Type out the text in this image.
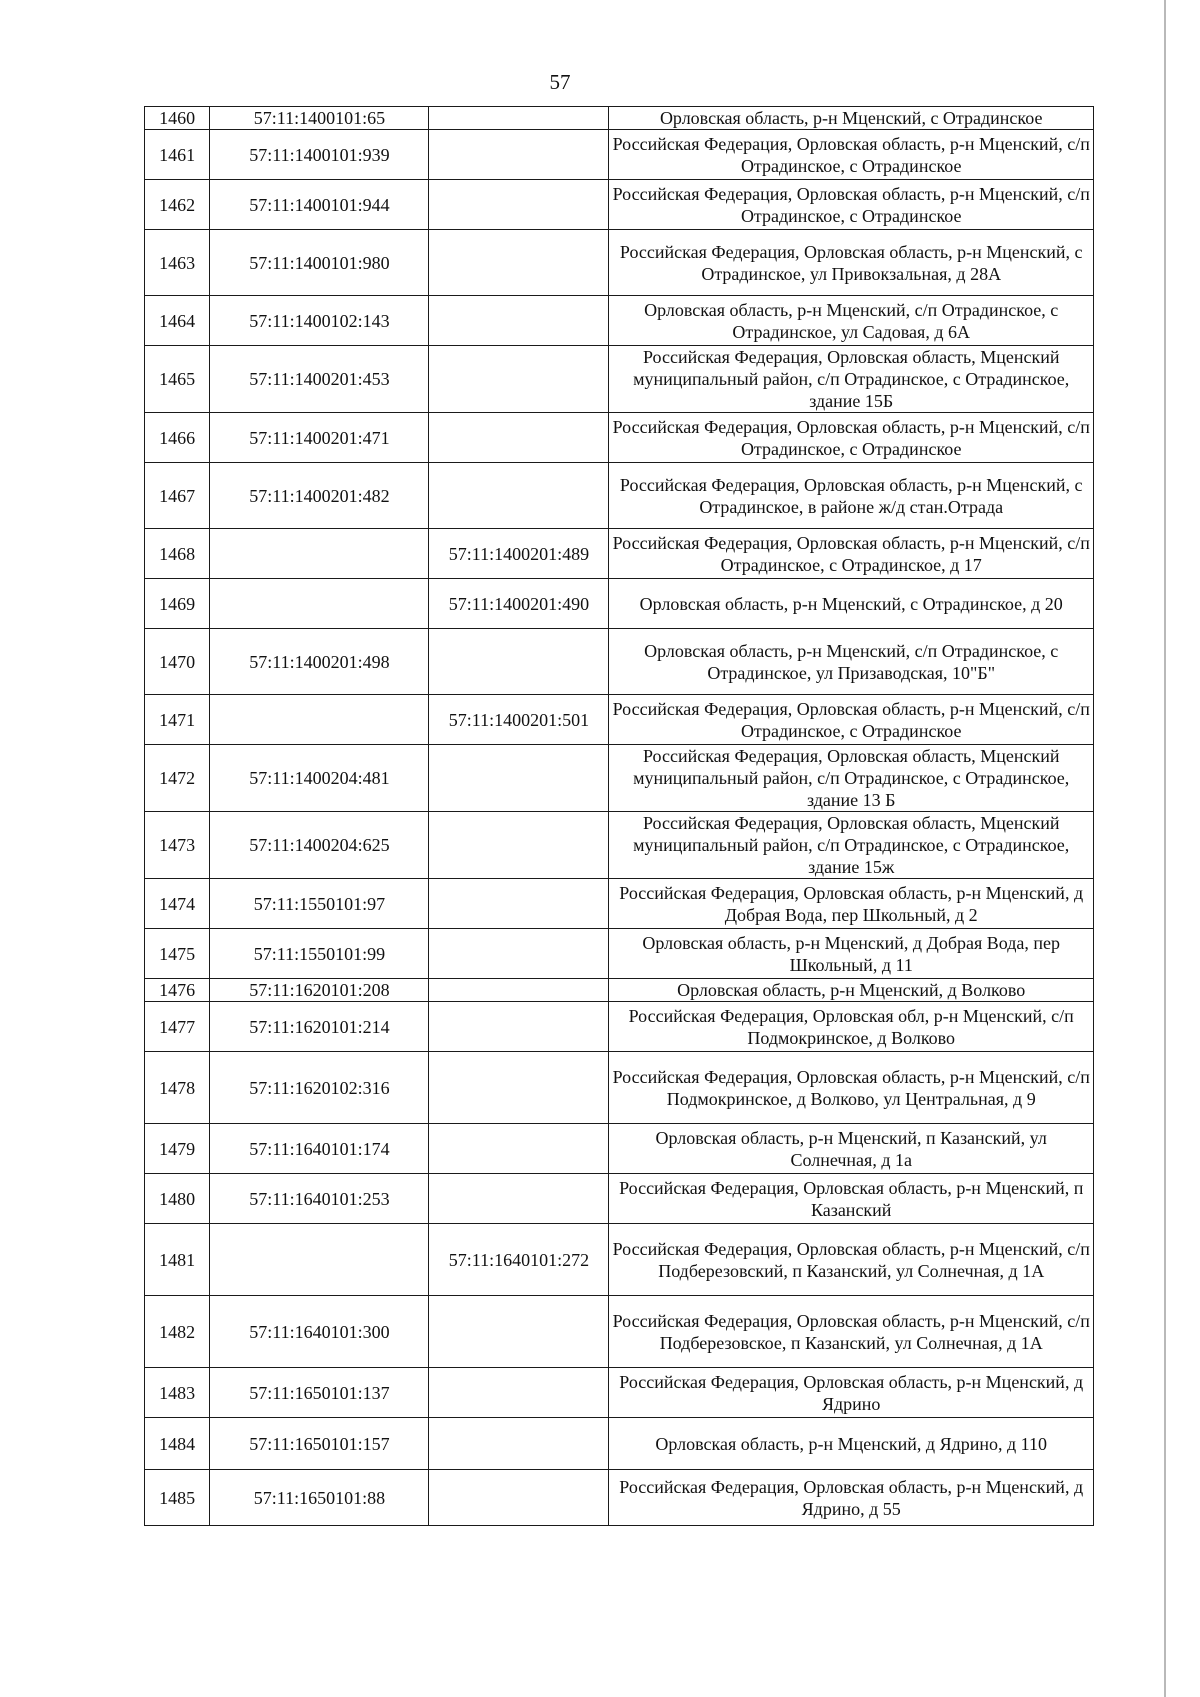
57
1460	57:11:1400101:65		Орловская область, р-н Мценский, с Отрадинское
1461	57:11:1400101:939		Российская Федерация, Орловская область, р-н Мценский, с/п Отрадинское, с Отрадинское
1462	57:11:1400101:944		Российская Федерация, Орловская область, р-н Мценский, с/п Отрадинское, с Отрадинское
1463	57:11:1400101:980		Российская Федерация, Орловская область, р-н Мценский, с Отрадинское, ул Привокзальная, д 28А
1464	57:11:1400102:143		Орловская область, р-н Мценский, с/п Отрадинское, с Отрадинское, ул Садовая, д 6А
1465	57:11:1400201:453		Российская Федерация, Орловская область, Мценский муниципальный район, с/п Отрадинское, с Отрадинское, здание 15Б
1466	57:11:1400201:471		Российская Федерация, Орловская область, р-н Мценский, с/п Отрадинское, с Отрадинское
1467	57:11:1400201:482		Российская Федерация, Орловская область, р-н Мценский, с Отрадинское, в районе ж/д стан.Отрада
1468		57:11:1400201:489	Российская Федерация, Орловская область, р-н Мценский, с/п Отрадинское, с Отрадинское, д 17
1469		57:11:1400201:490	Орловская область, р-н Мценский, с Отрадинское, д 20
1470	57:11:1400201:498		Орловская область, р-н Мценский, с/п Отрадинское, с Отрадинское, ул Призаводская, 10"Б"
1471		57:11:1400201:501	Российская Федерация, Орловская область, р-н Мценский, с/п Отрадинское, с Отрадинское
1472	57:11:1400204:481		Российская Федерация, Орловская область, Мценский муниципальный район, с/п Отрадинское, с Отрадинское, здание 13 Б
1473	57:11:1400204:625		Российская Федерация, Орловская область, Мценский муниципальный район, с/п Отрадинское, с Отрадинское, здание 15ж
1474	57:11:1550101:97		Российская Федерация, Орловская область, р-н Мценский, д Добрая Вода, пер Школьный, д 2
1475	57:11:1550101:99		Орловская область, р-н Мценский, д Добрая Вода, пер Школьный, д 11
1476	57:11:1620101:208		Орловская область, р-н Мценский, д Волково
1477	57:11:1620101:214		Российская Федерация, Орловская обл, р-н Мценский, с/п Подмокринское, д Волково
1478	57:11:1620102:316		Российская Федерация, Орловская область, р-н Мценский, с/п Подмокринское, д Волково, ул Центральная, д 9
1479	57:11:1640101:174		Орловская область, р-н Мценский, п Казанский, ул Солнечная, д 1а
1480	57:11:1640101:253		Российская Федерация, Орловская область, р-н Мценский, п Казанский
1481		57:11:1640101:272	Российская Федерация, Орловская область, р-н Мценский, с/п Подберезовский, п Казанский, ул Солнечная, д 1А
1482	57:11:1640101:300		Российская Федерация, Орловская область, р-н Мценский, с/п Подберезовское, п Казанский, ул Солнечная, д 1А
1483	57:11:1650101:137		Российская Федерация, Орловская область, р-н Мценский, д Ядрино
1484	57:11:1650101:157		Орловская область, р-н Мценский, д Ядрино, д 110
1485	57:11:1650101:88		Российская Федерация, Орловская область, р-н Мценский, д Ядрино, д 55
